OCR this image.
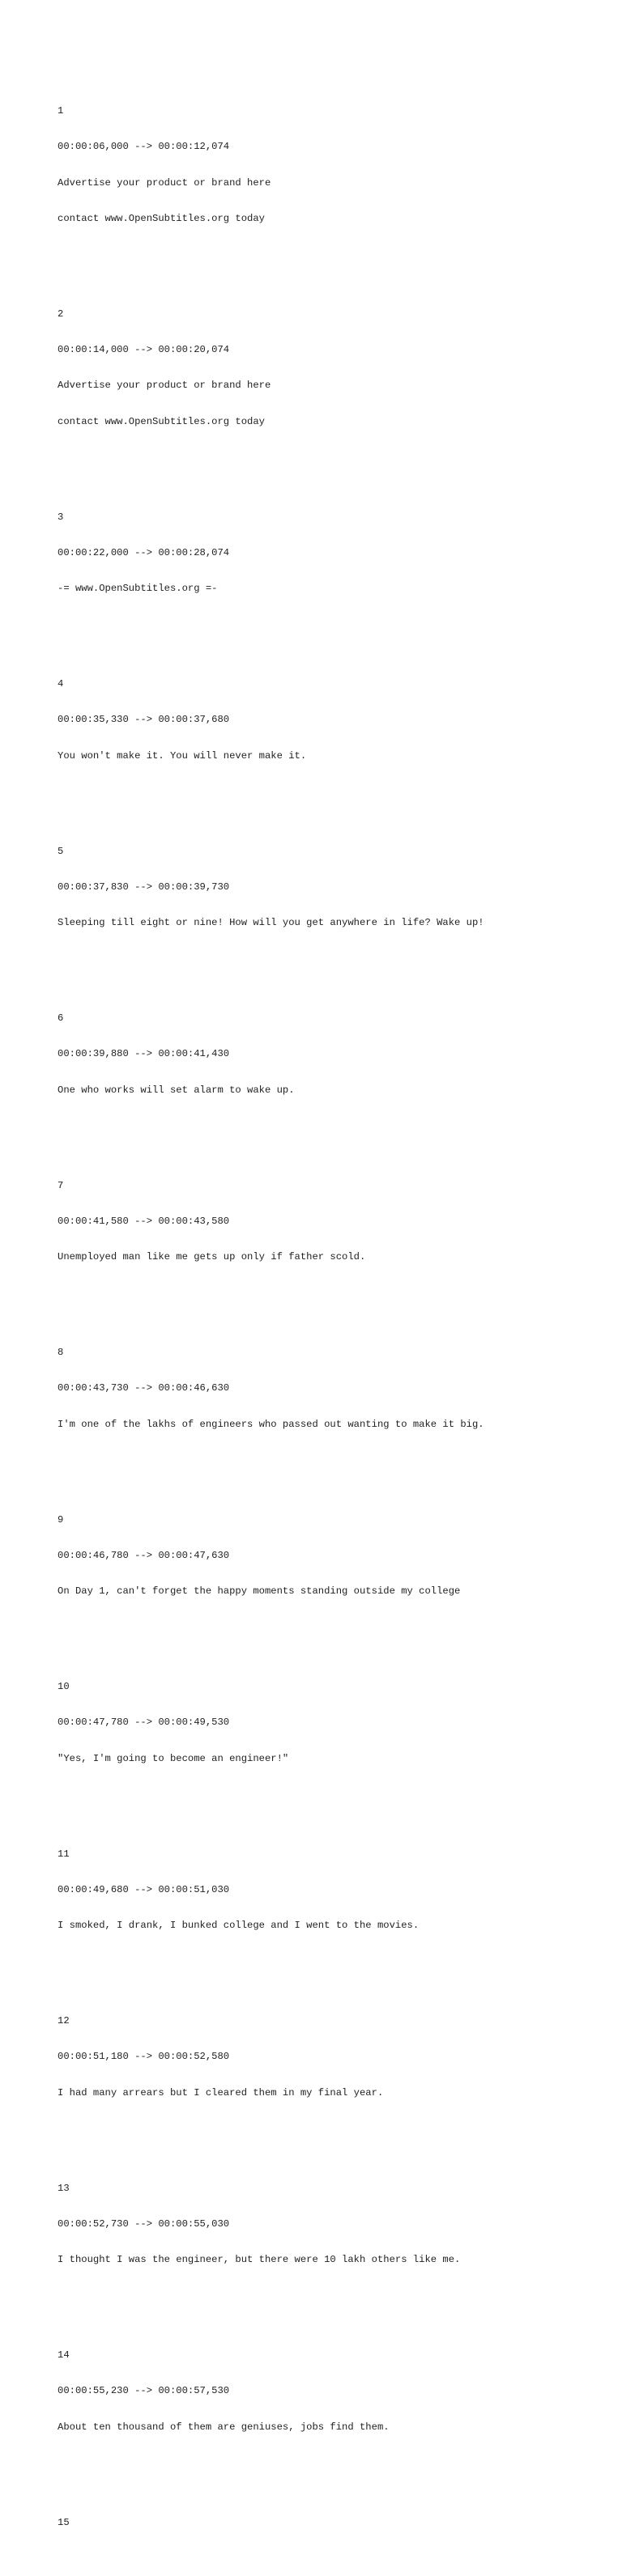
1

00:00:06,000 --> 00:00:12,074

Advertise your product or brand here

contact www.OpenSubtitles.org today

2

00:00:14,000 --> 00:00:20,074

Advertise your product or brand here

contact www.OpenSubtitles.org today

3

00:00:22,000 --> 00:00:28,074

-= www.OpenSubtitles.org =-

4

00:00:35,330 --> 00:00:37,680

You won't make it. You will never make it.

5

00:00:37,830 --> 00:00:39,730

Sleeping till eight or nine! How will you get anywhere in life? Wake up!

6

00:00:39,880 --> 00:00:41,430

One who works will set alarm to wake up.

7

00:00:41,580 --> 00:00:43,580

Unemployed man like me gets up only if father scold.

8

00:00:43,730 --> 00:00:46,630

I'm one of the lakhs of engineers who passed out wanting to make it big.

9

00:00:46,780 --> 00:00:47,630

On Day 1, can't forget the happy moments standing outside my college

10

00:00:47,780 --> 00:00:49,530

"Yes, I'm going to become an engineer!"

11

00:00:49,680 --> 00:00:51,030

I smoked, I drank, I bunked college and I went to the movies.

12

00:00:51,180 --> 00:00:52,580

I had many arrears but I cleared them in my final year.

13

00:00:52,730 --> 00:00:55,030

I thought I was the engineer, but there were 10 lakh others like me.

14

00:00:55,230 --> 00:00:57,530

About ten thousand of them are geniuses, jobs find them.

15
